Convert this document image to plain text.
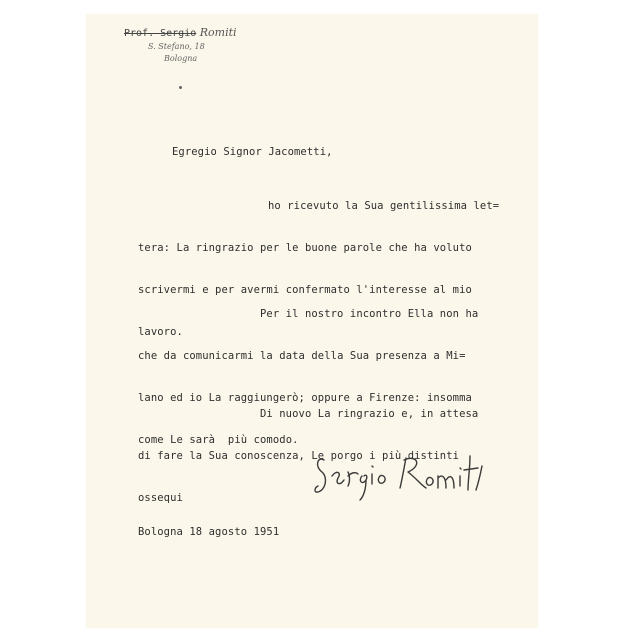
Prof. Sergio Romiti
S. Stefano, 18
Bologna
Egregio Signor Jacometti,

ho ricevuto la Sua gentilissima let=

tera: La ringrazio per le buone parole che ha voluto

scrivermi e per avermi confermato l'interesse al mio

lavoro.

Per il nostro incontro Ella non ha

che da comunicarmi la data della Sua presenza a Mi=

lano ed io La raggiungerò; oppure a Firenze: insomma

come Le sarà  più comodo.

Di nuovo La ringrazio e, in attesa

di fare la Sua conoscenza, Le porgo i più distinti

ossequi

Bologna 18 agosto 1951
